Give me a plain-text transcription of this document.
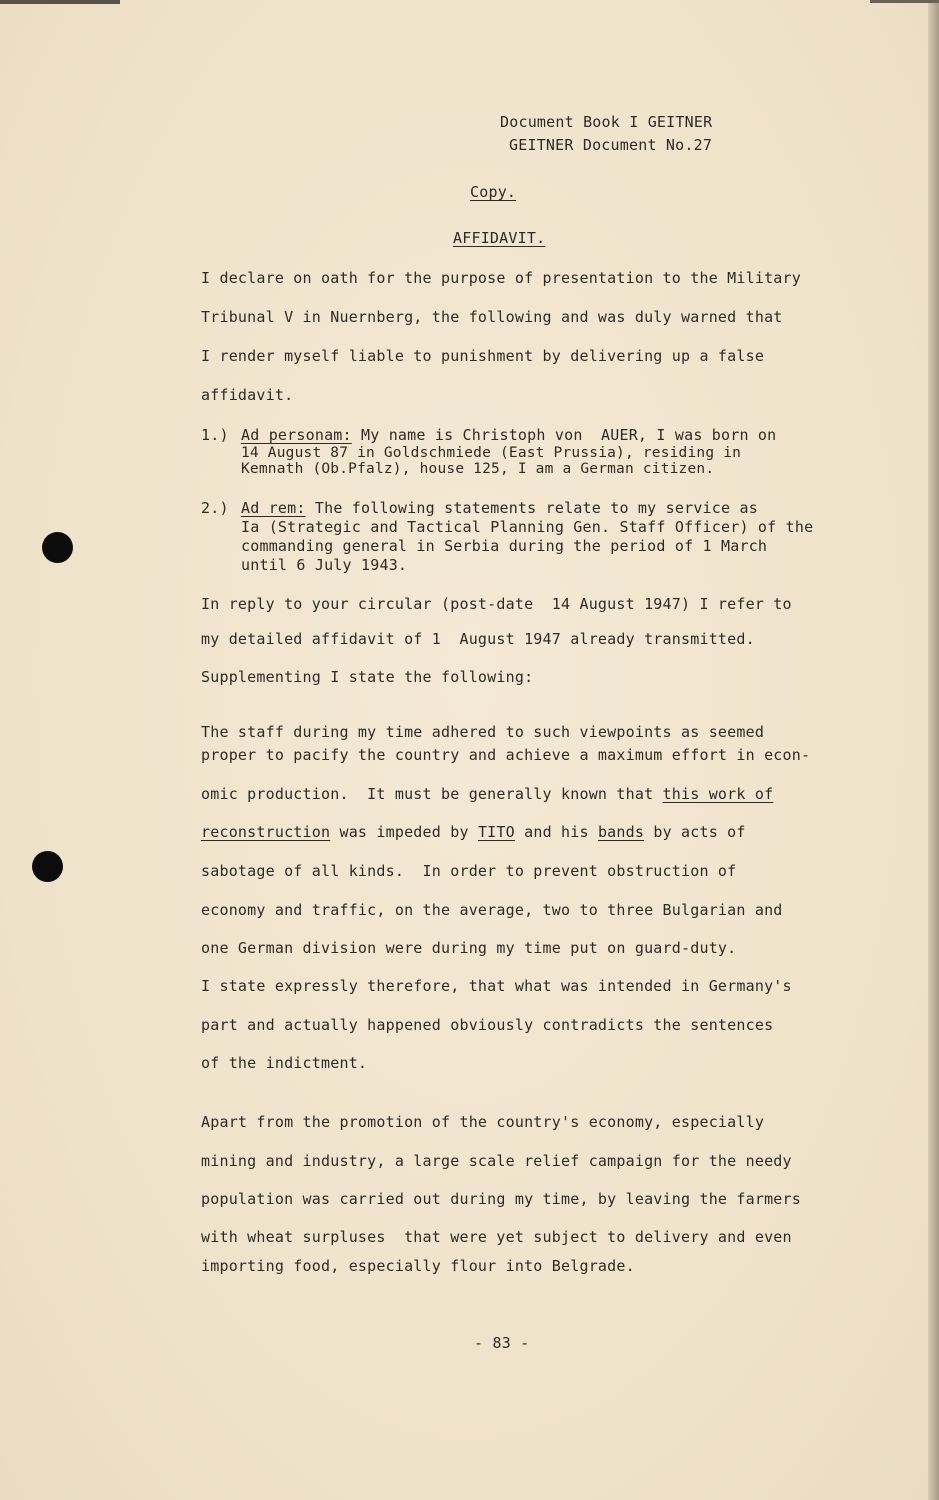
Document Book I GEITNER
GEITNER Document No.27
Copy.
AFFIDAVIT.
I declare on oath for the purpose of presentation to the Military
Tribunal V in Nuernberg, the following and was duly warned that
I render myself liable to punishment by delivering up a false
affidavit.
1.) Ad personam: My name is Christoph von  AUER, I was born on
14 August 87 in Goldschmiede (East Prussia), residing in
Kemnath (Ob.Pfalz), house 125, I am a German citizen.
2.) Ad rem: The following statements relate to my service as
Ia (Strategic and Tactical Planning Gen. Staff Officer) of the
commanding general in Serbia during the period of 1 March
until 6 July 1943.
In reply to your circular (post-date  14 August 1947) I refer to
my detailed affidavit of 1  August 1947 already transmitted.
Supplementing I state the following:
The staff during my time adhered to such viewpoints as seemed
proper to pacify the country and achieve a maximum effort in econ-
omic production.  It must be generally known that this work of
reconstruction was impeded by TITO and his bands by acts of
sabotage of all kinds.  In order to prevent obstruction of
economy and traffic, on the average, two to three Bulgarian and
one German division were during my time put on guard-duty.
I state expressly therefore, that what was intended in Germany's
part and actually happened obviously contradicts the sentences
of the indictment.
Apart from the promotion of the country's economy, especially
mining and industry, a large scale relief campaign for the needy
population was carried out during my time, by leaving the farmers
with wheat surpluses  that were yet subject to delivery and even
importing food, especially flour into Belgrade.
- 83 -
